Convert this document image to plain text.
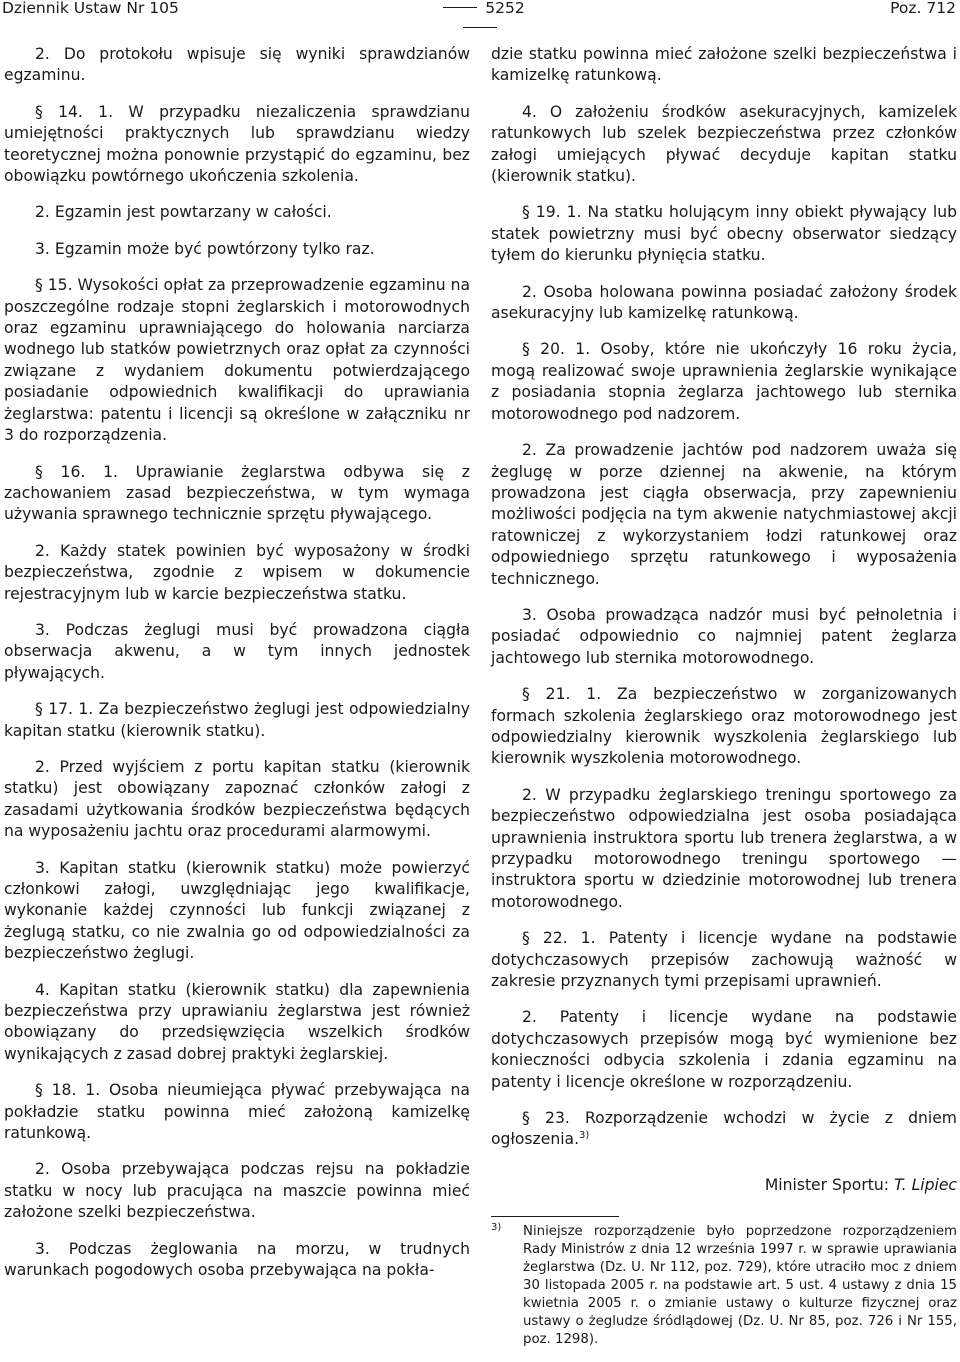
Dziennik Ustaw Nr 105	5252	Poz. 712

2. Do protokołu wpisuje się wyniki sprawdzianów egzaminu.

§ 14. 1. W przypadku niezaliczenia sprawdzianu umiejętności praktycznych lub sprawdzianu wiedzy teoretycznej można ponownie przystąpić do egzaminu, bez obowiązku powtórnego ukończenia szkolenia.

2. Egzamin jest powtarzany w całości.

3. Egzamin może być powtórzony tylko raz.

§ 15. Wysokości opłat za przeprowadzenie egzaminu na poszczególne rodzaje stopni żeglarskich i motorowodnych oraz egzaminu uprawniającego do holowania narciarza wodnego lub statków powietrznych oraz opłat za czynności związane z wydaniem dokumentu potwierdzającego posiadanie odpowiednich kwalifikacji do uprawiania żeglarstwa: patentu i licencji są określone w załączniku nr 3 do rozporządzenia.

§ 16. 1. Uprawianie żeglarstwa odbywa się z zachowaniem zasad bezpieczeństwa, w tym wymaga używania sprawnego technicznie sprzętu pływającego.

2. Każdy statek powinien być wyposażony w środki bezpieczeństwa, zgodnie z wpisem w dokumencie rejestracyjnym lub w karcie bezpieczeństwa statku.

3. Podczas żeglugi musi być prowadzona ciągła obserwacja akwenu, a w tym innych jednostek pływających.

§ 17. 1. Za bezpieczeństwo żeglugi jest odpowiedzialny kapitan statku (kierownik statku).

2. Przed wyjściem z portu kapitan statku (kierownik statku) jest obowiązany zapoznać członków załogi z zasadami użytkowania środków bezpieczeństwa będących na wyposażeniu jachtu oraz procedurami alarmowymi.

3. Kapitan statku (kierownik statku) może powierzyć członkowi załogi, uwzględniając jego kwalifikacje, wykonanie każdej czynności lub funkcji związanej z żeglugą statku, co nie zwalnia go od odpowiedzialności za bezpieczeństwo żeglugi.

4. Kapitan statku (kierownik statku) dla zapewnienia bezpieczeństwa przy uprawianiu żeglarstwa jest również obowiązany do przedsięwzięcia wszelkich środków wynikających z zasad dobrej praktyki żeglarskiej.

§ 18. 1. Osoba nieumiejąca pływać przebywająca na pokładzie statku powinna mieć założoną kamizelkę ratunkową.

2. Osoba przebywająca podczas rejsu na pokładzie statku w nocy lub pracująca na maszcie powinna mieć założone szelki bezpieczeństwa.

3. Podczas żeglowania na morzu, w trudnych warunkach pogodowych osoba przebywająca na pokła-

dzie statku powinna mieć założone szelki bezpieczeństwa i kamizelkę ratunkową.

4. O założeniu środków asekuracyjnych, kamizelek ratunkowych lub szelek bezpieczeństwa przez członków załogi umiejących pływać decyduje kapitan statku (kierownik statku).

§ 19. 1. Na statku holującym inny obiekt pływający lub statek powietrzny musi być obecny obserwator siedzący tyłem do kierunku płynięcia statku.

2. Osoba holowana powinna posiadać założony środek asekuracyjny lub kamizelkę ratunkową.

§ 20. 1. Osoby, które nie ukończyły 16 roku życia, mogą realizować swoje uprawnienia żeglarskie wynikające z posiadania stopnia żeglarza jachtowego lub sternika motorowodnego pod nadzorem.

2. Za prowadzenie jachtów pod nadzorem uważa się żeglugę w porze dziennej na akwenie, na którym prowadzona jest ciągła obserwacja, przy zapewnieniu możliwości podjęcia na tym akwenie natychmiastowej akcji ratowniczej z wykorzystaniem łodzi ratunkowej oraz odpowiedniego sprzętu ratunkowego i wyposażenia technicznego.

3. Osoba prowadząca nadzór musi być pełnoletnia i posiadać odpowiednio co najmniej patent żeglarza jachtowego lub sternika motorowodnego.

§ 21. 1. Za bezpieczeństwo w zorganizowanych formach szkolenia żeglarskiego oraz motorowodnego jest odpowiedzialny kierownik wyszkolenia żeglarskiego lub kierownik wyszkolenia motorowodnego.

2. W przypadku żeglarskiego treningu sportowego za bezpieczeństwo odpowiedzialna jest osoba posiadająca uprawnienia instruktora sportu lub trenera żeglarstwa, a w przypadku motorowodnego treningu sportowego — instruktora sportu w dziedzinie motorowodnej lub trenera motorowodnego.

§ 22. 1. Patenty i licencje wydane na podstawie dotychczasowych przepisów zachowują ważność w zakresie przyznanych tymi przepisami uprawnień.

2. Patenty i licencje wydane na podstawie dotychczasowych przepisów mogą być wymienione bez konieczności odbycia szkolenia i zdania egzaminu na patenty i licencje określone w rozporządzeniu.

§ 23. Rozporządzenie wchodzi w życie z dniem ogłoszenia.$^{3)}$

Minister Sportu: T. Lipiec

3) Niniejsze rozporządzenie było poprzedzone rozporządzeniem Rady Ministrów z dnia 12 września 1997 r. w sprawie uprawiania żeglarstwa (Dz. U. Nr 112, poz. 729), które utraciło moc z dniem 30 listopada 2005 r. na podstawie art. 5 ust. 4 ustawy z dnia 15 kwietnia 2005 r. o zmianie ustawy o kulturze fizycznej oraz ustawy o żegludze śródlądowej (Dz. U. Nr 85, poz. 726 i Nr 155, poz. 1298).
